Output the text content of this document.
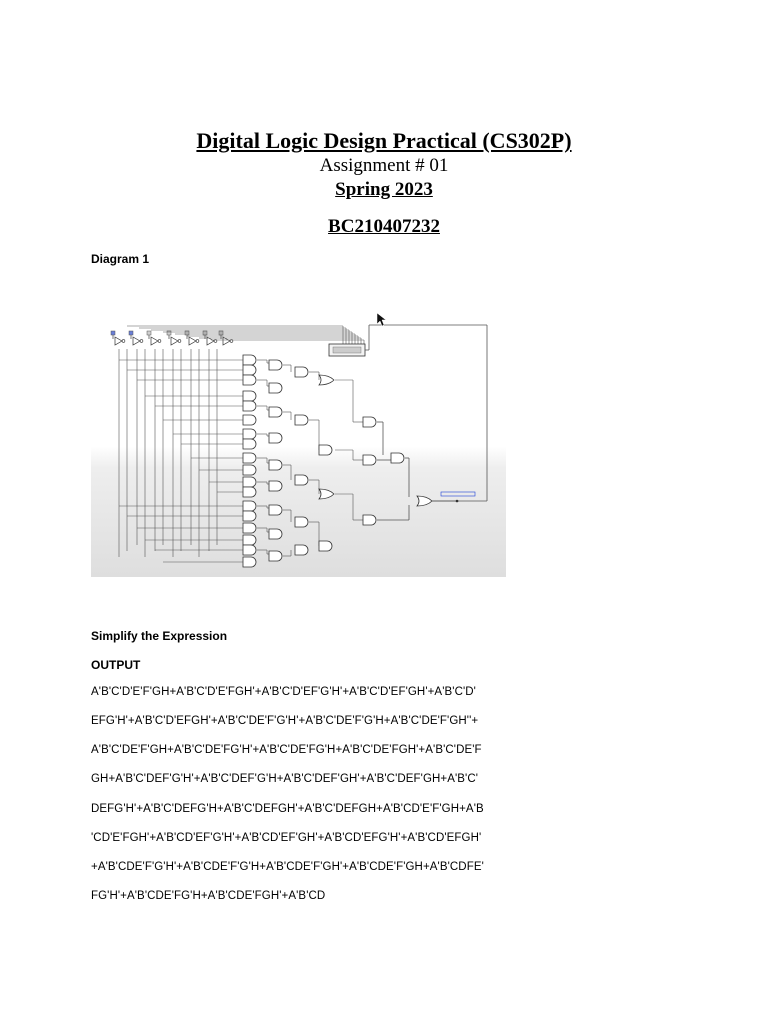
Digital Logic Design Practical (CS302P)
Assignment # 01
Spring 2023
BC210407232
Diagram 1
Simplify the Expression
OUTPUT
A'B'C'D'E'F'GH+A'B'C'D'E'FGH'+A'B'C'D'EF'G'H'+A'B'C'D'EF'GH'+A'B'C'D'
EFG'H'+A'B'C'D'EFGH'+A'B'C'DE'F'G'H'+A'B'C'DE'F'G'H+A'B'C'DE'F'GH''+
A'B'C'DE'F'GH+A'B'C'DE'FG'H'+A'B'C'DE'FG'H+A'B'C'DE'FGH'+A'B'C'DE'F
GH+A'B'C'DEF'G'H'+A'B'C'DEF'G'H+A'B'C'DEF'GH'+A'B'C'DEF'GH+A'B'C'
DEFG'H'+A'B'C'DEFG'H+A'B'C'DEFGH'+A'B'C'DEFGH+A'B'CD'E'F'GH+A'B
'CD'E'FGH'+A'B'CD'EF'G'H'+A'B'CD'EF'GH'+A'B'CD'EFG'H'+A'B'CD'EFGH'
+A'B'CDE'F'G'H'+A'B'CDE'F'G'H+A'B'CDE'F'GH'+A'B'CDE'F'GH+A'B'CDFE'
FG'H'+A'B'CDE'FG'H+A'B'CDE'FGH'+A'B'CD
